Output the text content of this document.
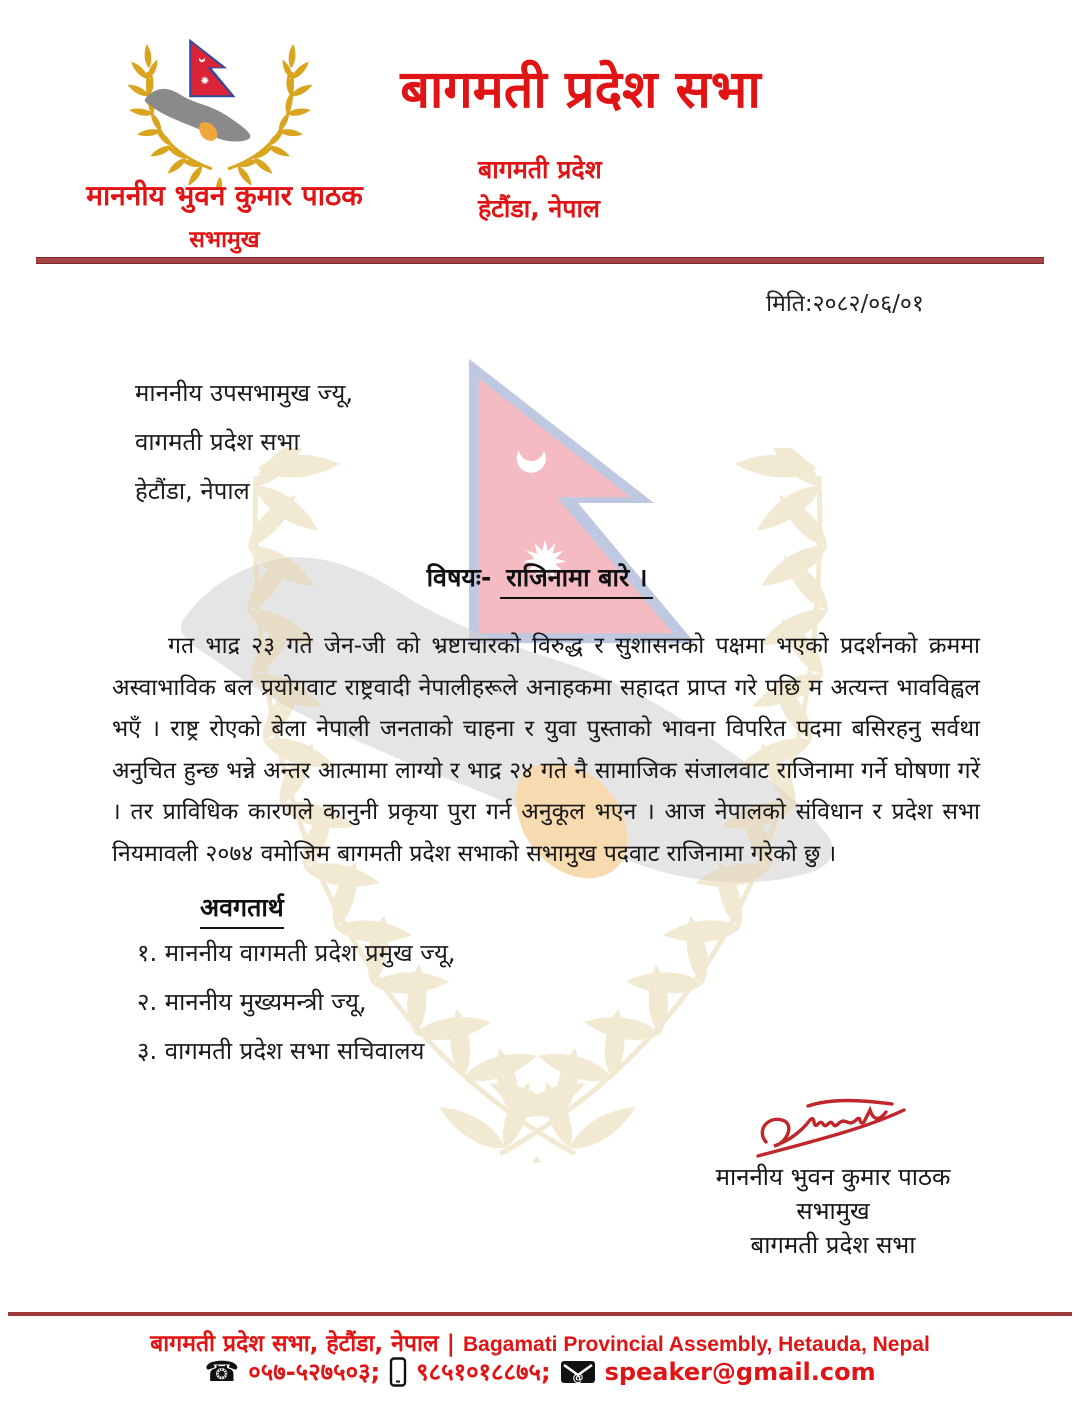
माननीय भुवन कुमार पाठक
सभामुख
बागमती प्रदेश सभा
बागमती प्रदेश
हेटौंडा, नेपाल
मिति:२०८२/०६/०१
माननीय उपसभामुख ज्यू,
वागमती प्रदेश सभा
हेटौंडा, नेपाल
विषयः- राजिनामा बारे ।
गत भाद्र २३ गते जेन-जी को भ्रष्टाचारको विरुद्ध र सुशासनको पक्षमा भएको प्रदर्शनको क्रममा अस्वाभाविक बल प्रयोगवाट राष्ट्रवादी नेपालीहरूले अनाहकमा सहादत प्राप्त गरे पछि म अत्यन्त भावविह्वल भएँ । राष्ट्र रोएको बेला नेपाली जनताको चाहना र युवा पुस्ताको भावना विपरित पदमा बसिरहनु सर्वथा अनुचित हुन्छ भन्ने अन्तर आत्मामा लाग्यो र भाद्र २४ गते नै सामाजिक संजालवाट राजिनामा गर्ने घोषणा गरें । तर प्राविधिक कारणले कानुनी प्रकृया पुरा गर्न अनुकूल भएन । आज नेपालको संविधान र प्रदेश सभा नियमावली २०७४ वमोजिम बागमती प्रदेश सभाको सभामुख पदवाट राजिनामा गरेको छु ।
अवगतार्थ
१. माननीय वागमती प्रदेश प्रमुख ज्यू,
२. माननीय मुख्यमन्त्री ज्यू,
३. वागमती प्रदेश सभा सचिवालय
माननीय भुवन कुमार पाठक
सभामुख
बागमती प्रदेश सभा
बागमती प्रदेश सभा, हेटौंडा, नेपाल | Bagamati Provincial Assembly, Hetauda, Nepal
☎ ०५७-५२७५०३; ९८५१०१८८७५; @ speaker@gmail.com
